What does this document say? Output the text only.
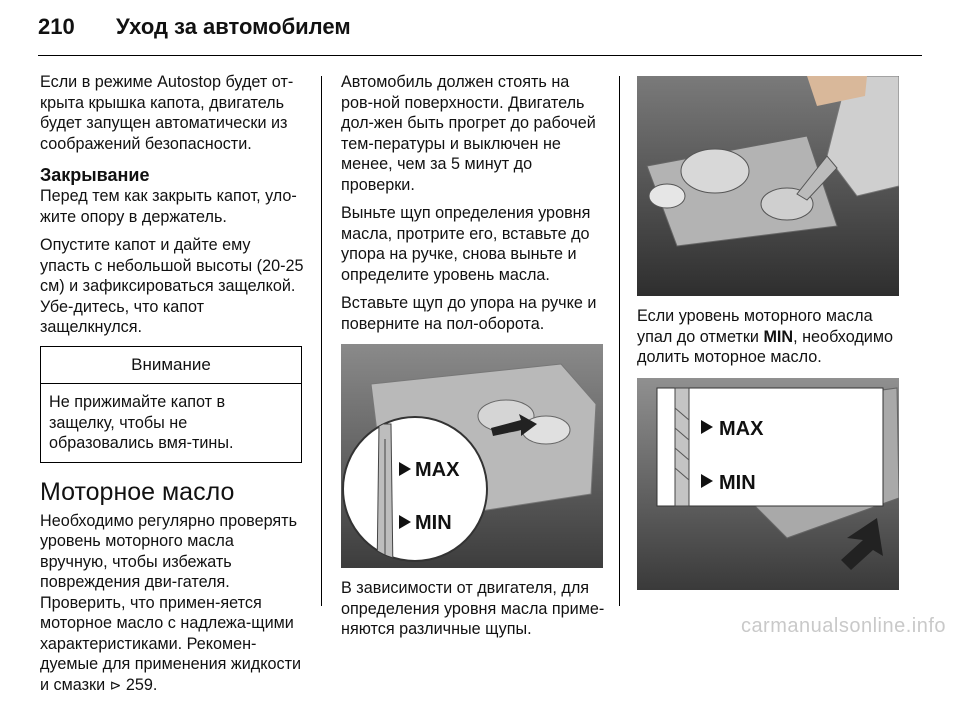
210 Уход за автомобилем

Если в режиме Autostop будет от-крыта крышка капота, двигатель будет запущен автоматически из соображений безопасности.

Закрывание

Перед тем как закрыть капот, уло-жите опору в держатель.

Опустите капот и дайте ему упасть с небольшой высоты (20-25 см) и зафиксироваться защелкой. Убе-дитесь, что капот защелкнулся.

Внимание
Не прижимайте капот в защелку, чтобы не образовались вмя-тины.
Моторное масло

Необходимо регулярно проверять уровень моторного масла вручную, чтобы избежать повреждения дви-гателя. Проверить, что примен-яется моторное масло с надлежа-щими характеристиками. Рекомен-дуемые для применения жидкости и смазки ⊳ 259.

Автомобиль должен стоять на ров-ной поверхности. Двигатель дол-жен быть прогрет до рабочей тем-пературы и выключен не менее, чем за 5 минут до проверки.

Выньте щуп определения уровня масла, протрите его, вставьте до упора на ручке, снова выньте и определите уровень масла.

Вставьте щуп до упора на ручке и поверните на пол-оборота.

MAX
MIN

В зависимости от двигателя, для определения уровня масла приме-няются различные щупы.

Если уровень моторного масла упал до отметки MIN, необходимо долить моторное масло.

MAX
MIN
carmanualsonline.info
